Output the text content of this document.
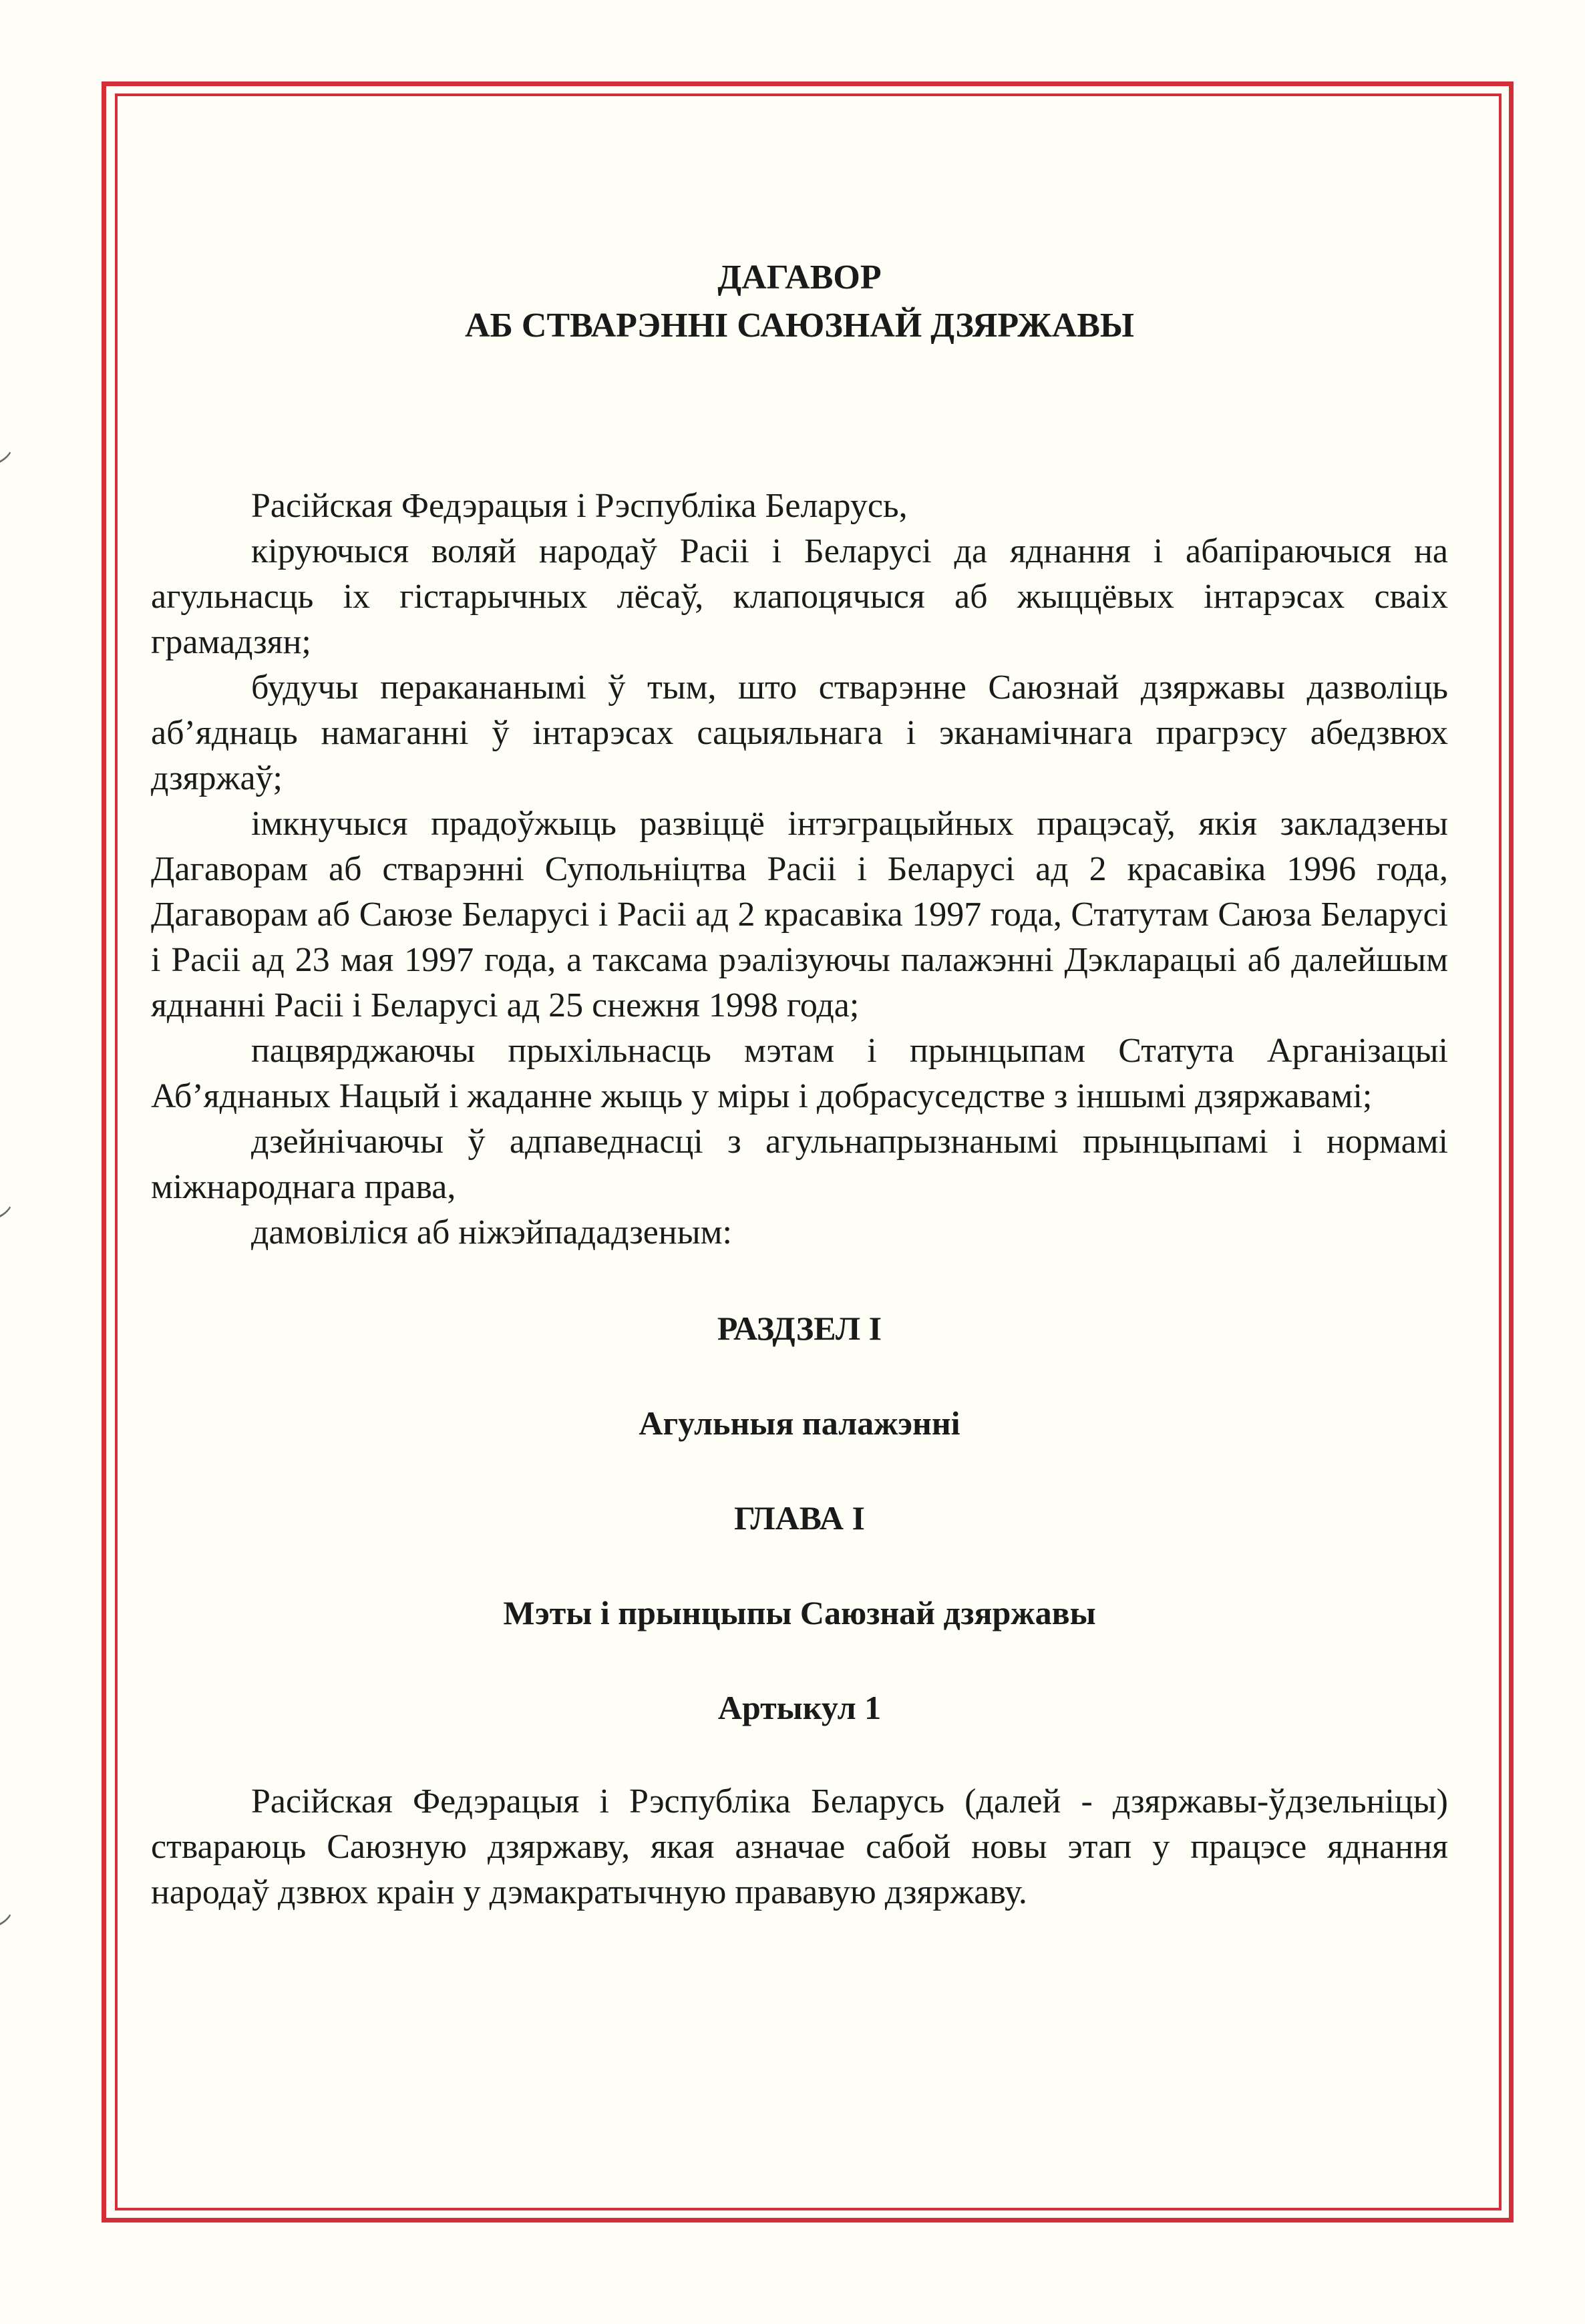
ДАГАВОР
АБ СТВАРЭННІ САЮЗНАЙ ДЗЯРЖАВЫ

Расійская Федэрацыя і Рэспубліка Беларусь,

кіруючыся воляй народаў Расіі і Беларусі да яднання і абапіраючыся на агульнасць іх гістарычных лёсаў, клапоцячыся аб жыццёвых інтарэсах сваіх грамадзян;

будучы перакананымі ў тым, што стварэнне Саюзнай дзяржавы дазволіць аб’яднаць намаганні ў інтарэсах сацыяльнага і эканамічнага прагрэсу абедзвюх дзяржаў;

імкнучыся прадоўжыць развіццё інтэграцыйных працэсаў, якія закладзены Дагаворам аб стварэнні Супольніцтва Расіі і Беларусі ад 2 красавіка 1996 года, Дагаворам аб Саюзе Беларусі і Расіі ад 2 красавіка 1997 года, Статутам Саюза Беларусі і Расіі ад 23 мая 1997 года, а таксама рэалізуючы палажэнні Дэкларацыі аб далейшым яднанні Расіі і Беларусі ад 25 снежня 1998 года;

пацвярджаючы прыхільнасць мэтам і прынцыпам Статута Арганізацыі Аб’яднаных Нацый і жаданне жыць у міры і добрасуседстве з іншымі дзяржавамі;

дзейнічаючы ў адпаведнасці з агульнапрызнанымі прынцыпамі і нормамі міжнароднага права,

дамовіліся аб ніжэйпададзеным:

РАЗДЗЕЛ I
Агульныя палажэнні
ГЛАВА I
Мэты і прынцыпы Саюзнай дзяржавы
Артыкул 1

Расійская Федэрацыя і Рэспубліка Беларусь (далей - дзяржавы-ўдзельніцы) ствараюць Саюзную дзяржаву, якая азначае сабой новы этап у працэсе яднання народаў дзвюх краін у дэмакратычную прававую дзяржаву.
